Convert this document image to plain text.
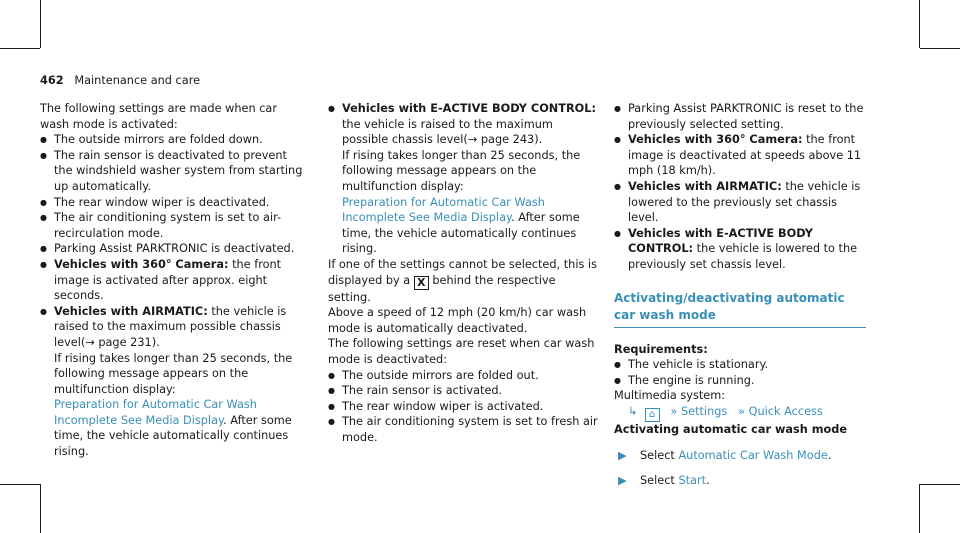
462 Maintenance and care

The following settings are made when car wash mode is activated:

● The outside mirrors are folded down.
● The rain sensor is deactivated to prevent the windshield washer system from starting up automatically.
● The rear window wiper is deactivated.
● The air conditioning system is set to air-recirculation mode.
● Parking Assist PARKTRONIC is deactivated.
● Vehicles with 360° Camera: the front image is activated after approx. eight seconds.
● Vehicles with AIRMATIC: the vehicle is raised to the maximum possible chassis level(→ page 231).

If rising takes longer than 25 seconds, the following message appears on the multifunction display:

Preparation for Automatic Car Wash Incomplete See Media Display. After some time, the vehicle automatically continues rising.

● Vehicles with E-ACTIVE BODY CONTROL: the vehicle is raised to the maximum possible chassis level(→ page 243).

If rising takes longer than 25 seconds, the following message appears on the multifunction display:

Preparation for Automatic Car Wash Incomplete See Media Display. After some time, the vehicle automatically continues rising.

If one of the settings cannot be selected, this is displayed by a X behind the respective setting.

Above a speed of 12 mph (20 km/h) car wash mode is automatically deactivated.

The following settings are reset when car wash mode is deactivated:

● The outside mirrors are folded out.
● The rain sensor is activated.
● The rear window wiper is activated.
● The air conditioning system is set to fresh air mode.
● Parking Assist PARKTRONIC is reset to the previously selected setting.
● Vehicles with 360° Camera: the front image is deactivated at speeds above 11 mph (18 km/h).
● Vehicles with AIRMATIC: the vehicle is lowered to the previously set chassis level.
● Vehicles with E-ACTIVE BODY CONTROL: the vehicle is lowered to the previously set chassis level.
Activating/deactivating automatic car wash mode

Requirements:

● The vehicle is stationary.
● The engine is running.

Multimedia system:

↳ ⌂ » Settings » Quick Access

Activating automatic car wash mode

▶ Select Automatic Car Wash Mode.

▶ Select Start.
